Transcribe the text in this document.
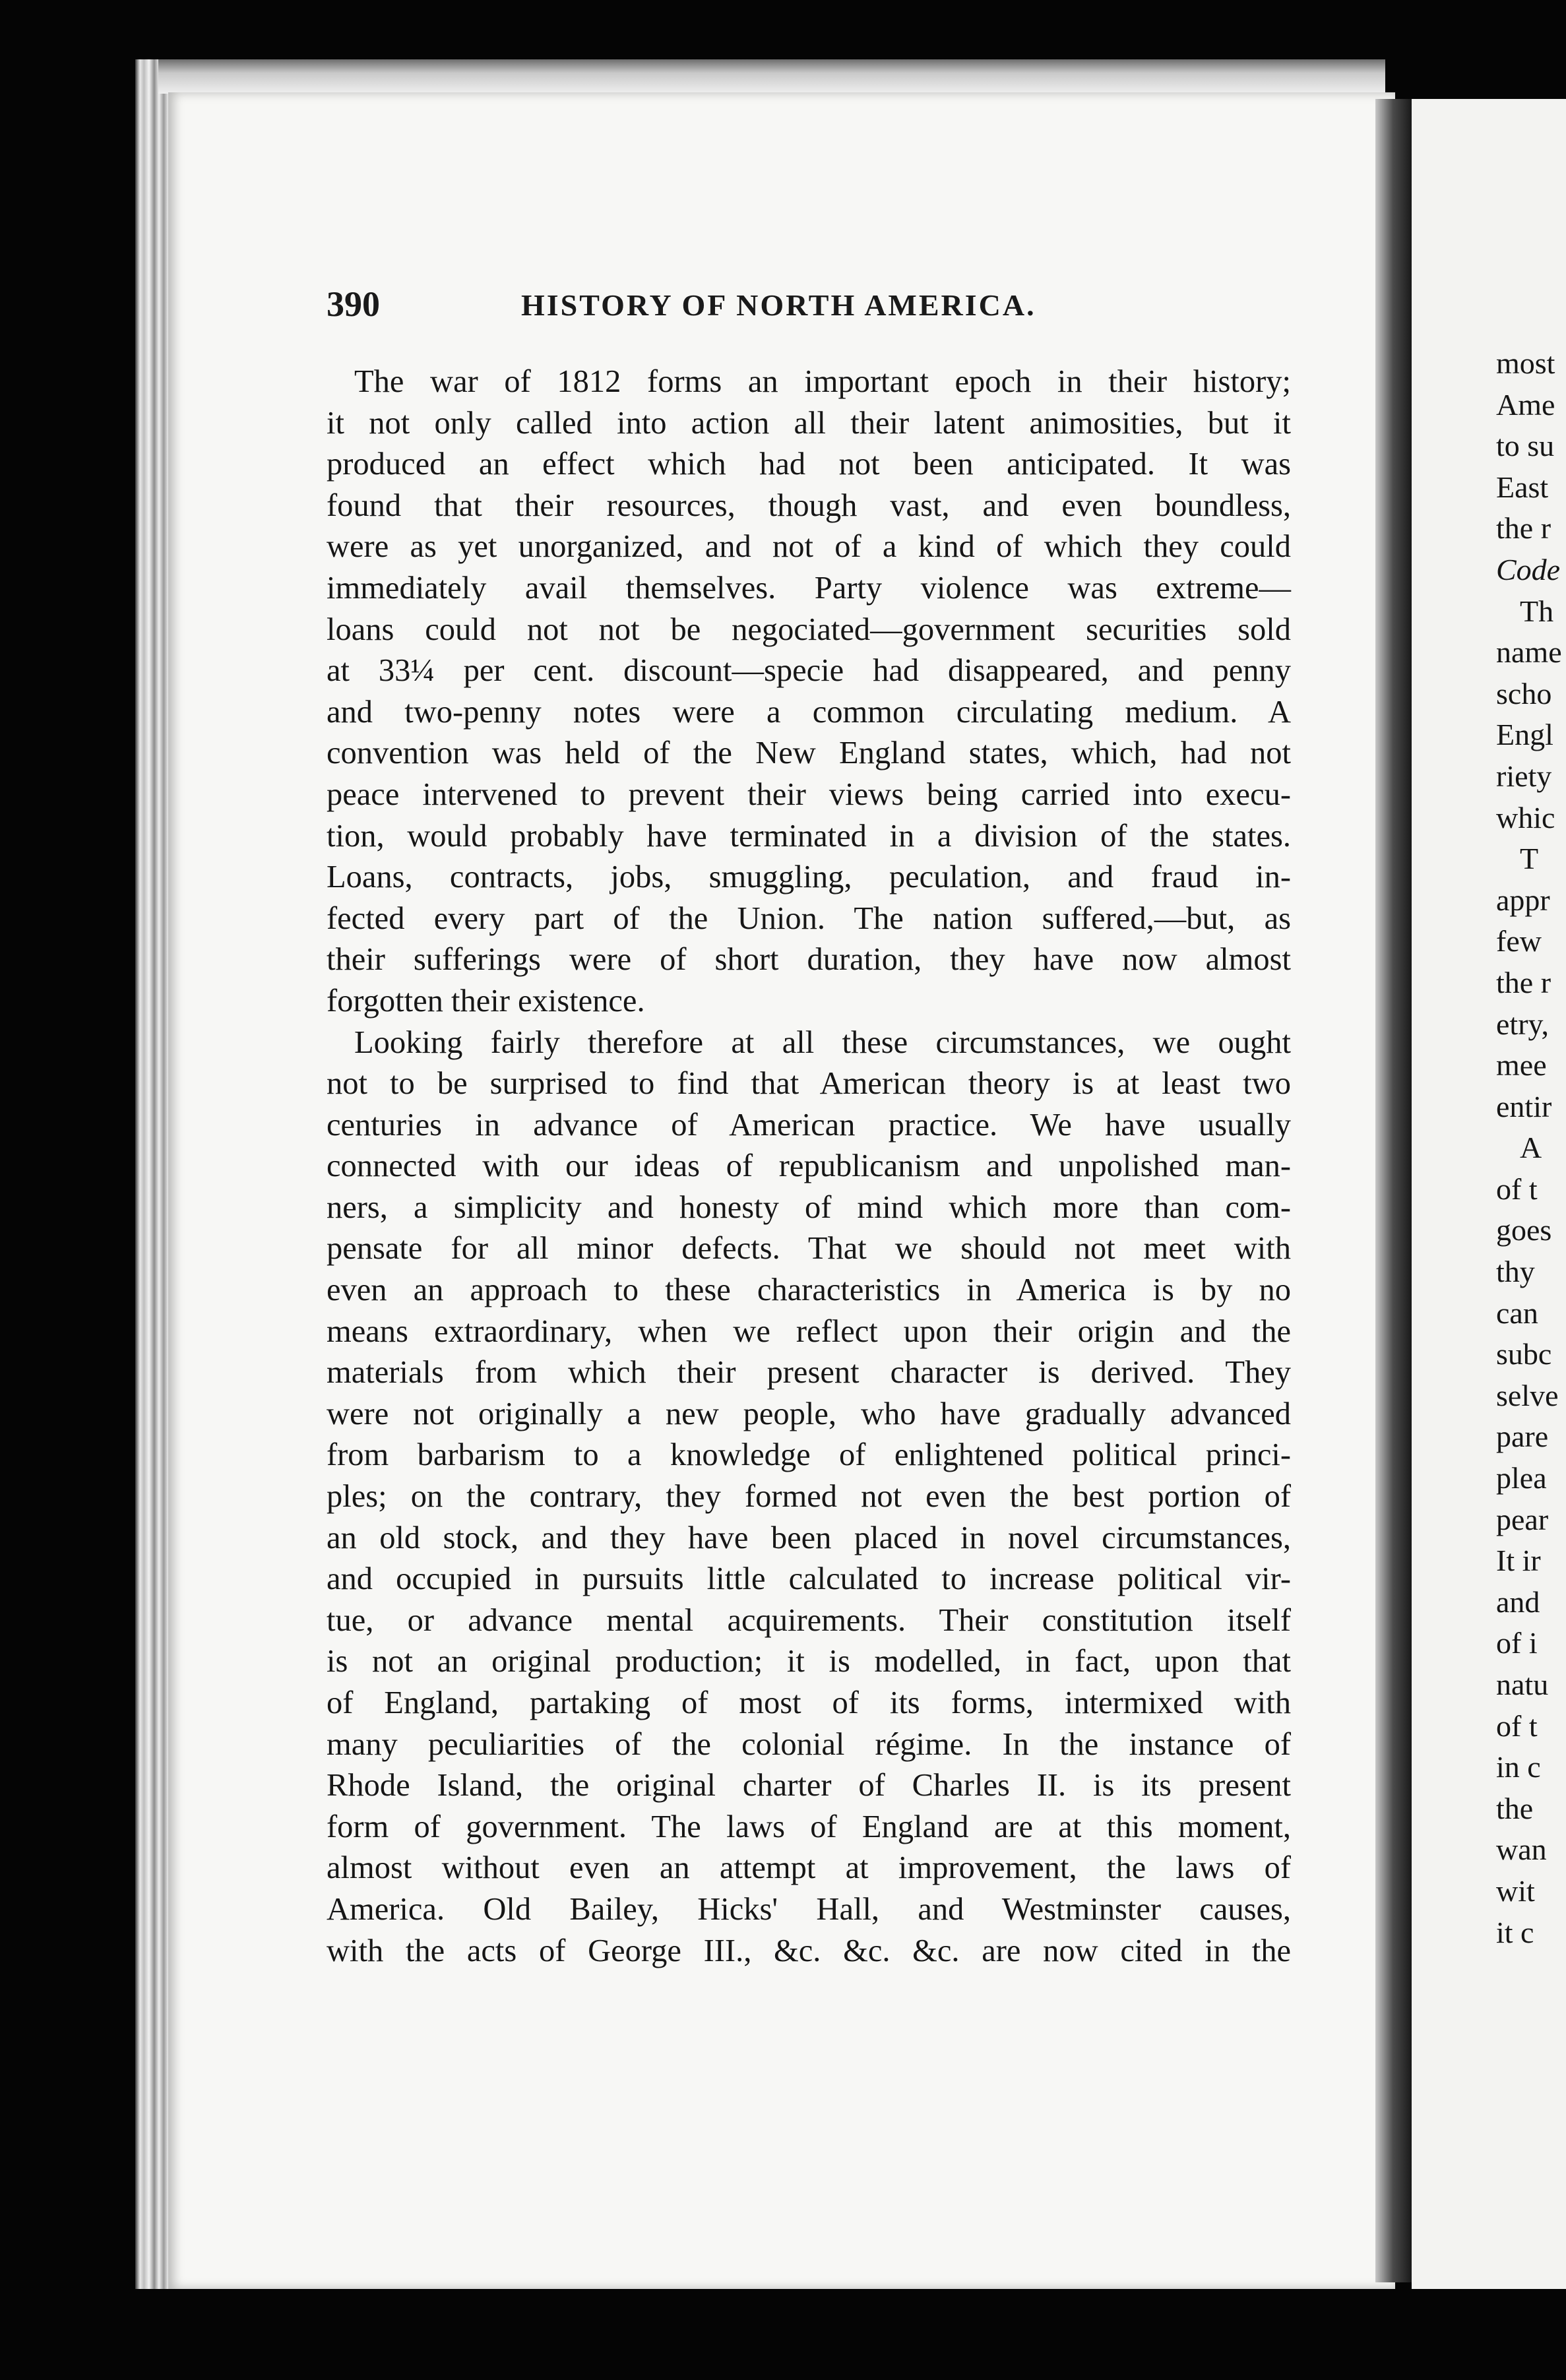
390	HISTORY OF NORTH AMERICA.
The war of 1812 forms an important epoch in their history;
it not only called into action all their latent animosities, but it
produced an effect which had not been anticipated. It was
found that their resources, though vast, and even boundless,
were as yet unorganized, and not of a kind of which they could
immediately avail themselves. Party violence was extreme—
loans could not not be negociated—government securities sold
at 33¼ per cent. discount—specie had disappeared, and penny
and two-penny notes were a common circulating medium. A
convention was held of the New England states, which, had not
peace intervened to prevent their views being carried into execu-
tion, would probably have terminated in a division of the states.
Loans, contracts, jobs, smuggling, peculation, and fraud in-
fected every part of the Union. The nation suffered,—but, as
their sufferings were of short duration, they have now almost
forgotten their existence.
Looking fairly therefore at all these circumstances, we ought
not to be surprised to find that American theory is at least two
centuries in advance of American practice. We have usually
connected with our ideas of republicanism and unpolished man-
ners, a simplicity and honesty of mind which more than com-
pensate for all minor defects. That we should not meet with
even an approach to these characteristics in America is by no
means extraordinary, when we reflect upon their origin and the
materials from which their present character is derived. They
were not originally a new people, who have gradually advanced
from barbarism to a knowledge of enlightened political princi-
ples; on the contrary, they formed not even the best portion of
an old stock, and they have been placed in novel circumstances,
and occupied in pursuits little calculated to increase political vir-
tue, or advance mental acquirements. Their constitution itself
is not an original production; it is modelled, in fact, upon that
of England, partaking of most of its forms, intermixed with
many peculiarities of the colonial régime. In the instance of
Rhode Island, the original charter of Charles II. is its present
form of government. The laws of England are at this moment,
almost without even an attempt at improvement, the laws of
America. Old Bailey, Hicks' Hall, and Westminster causes,
with the acts of George III., &c. &c. &c. are now cited in the
most
Ame
to su
East
the r
Code
Th
name
scho
Engl
riety
whic
T
appr
few
the r
etry,
mee
entir
A
of t
goes
thy
can
subc
selve
pare
plea
pear
It ir
and
of i
natu
of t
in c
the
wan
wit
it c
